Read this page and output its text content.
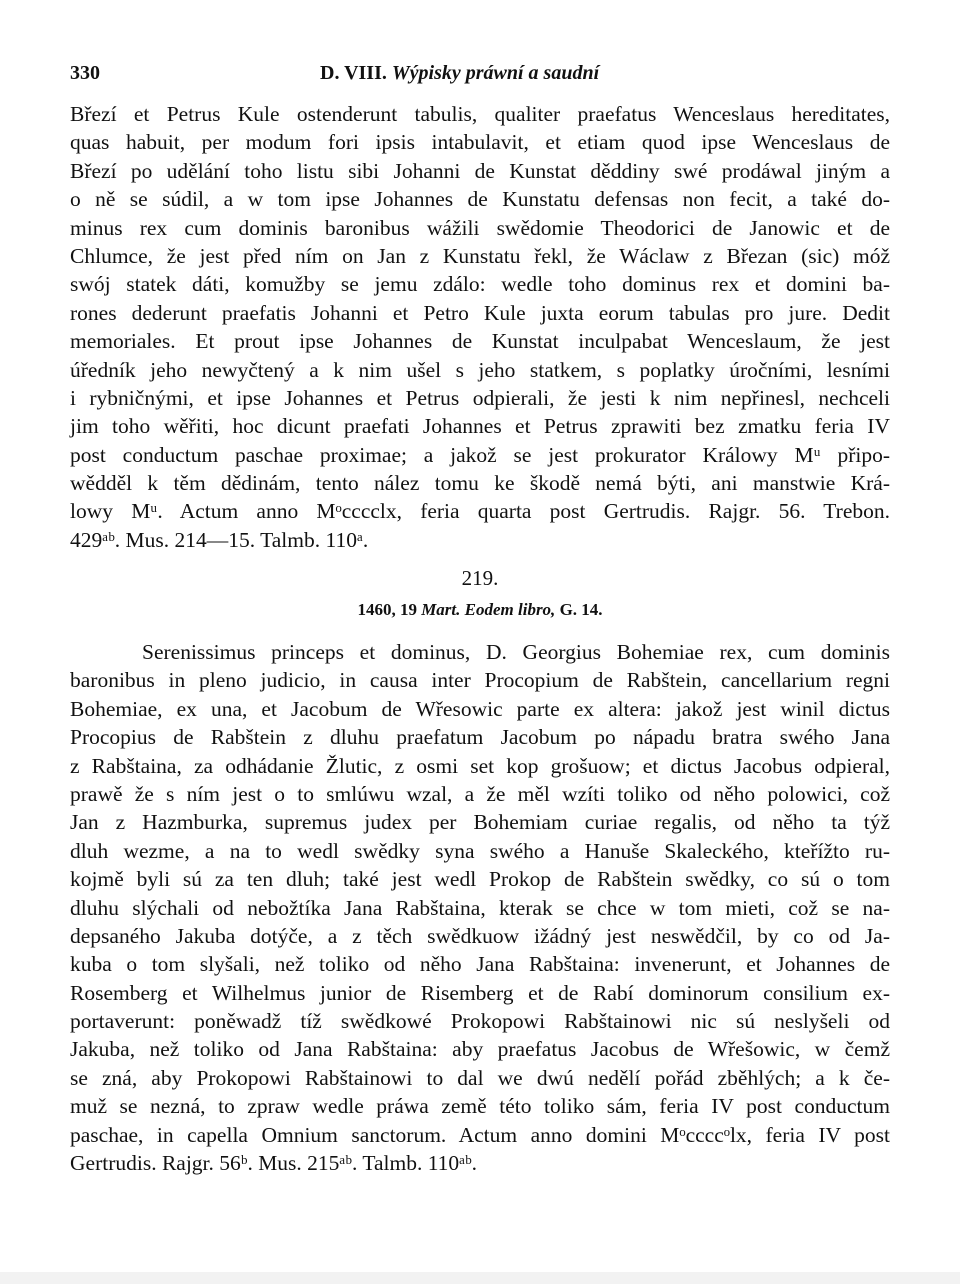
330	D. VIII. Wýpisky práwní a saudní
Březí et Petrus Kule ostenderunt tabulis, qualiter praefatus Wenceslaus hereditates,
quas habuit, per modum fori ipsis intabulavit, et etiam quod ipse Wenceslaus de
Březí po udělání toho listu sibi Johanni de Kunstat děddiny swé prodáwal jiným a
o ně se súdil, a w tom ipse Johannes de Kunstatu defensas non fecit, a také do-
minus rex cum dominis baronibus wážili swědomie Theodorici de Janowic et de
Chlumce, že jest před ním on Jan z Kunstatu řekl, že Wáclaw z Březan (sic) móž
swój statek dáti, komužby se jemu zdálo: wedle toho dominus rex et domini ba-
rones dederunt praefatis Johanni et Petro Kule juxta eorum tabulas pro jure. Dedit
memoriales. Et prout ipse Johannes de Kunstat inculpabat Wenceslaum, že jest
úředník jeho newyčtený a k nim ušel s jeho statkem, s poplatky úročními, lesními
i rybničnými, et ipse Johannes et Petrus odpierali, že jesti k nim nepřinesl, nechceli
jim toho wěřiti, hoc dicunt praefati Johannes et Petrus zprawiti bez zmatku feria IV
post conductum paschae proximae; a jakož se jest prokurator Králowy Mᵘ připo-
wědděl k těm dědinám, tento nález tomu ke škodě nemá býti, ani manstwie Krá-
lowy Mᵘ. Actum anno Mᵒcccclx, feria quarta post Gertrudis. Rajgr. 56. Trebon.
429ᵃᵇ. Mus. 214—15. Talmb. 110ᵃ.
219.
1460, 19 Mart. Eodem libro, G. 14.
Serenissimus princeps et dominus, D. Georgius Bohemiae rex, cum dominis
baronibus in pleno judicio, in causa inter Procopium de Rabštein, cancellarium regni
Bohemiae, ex una, et Jacobum de Wřesowic parte ex altera: jakož jest winil dictus
Procopius de Rabštein z dluhu praefatum Jacobum po nápadu bratra swého Jana
z Rabštaina, za odhádanie Žlutic, z osmi set kop grošuow; et dictus Jacobus odpieral,
prawě že s ním jest o to smlúwu wzal, a že měl wzíti toliko od něho polowici, což
Jan z Hazmburka, supremus judex per Bohemiam curiae regalis, od něho ta týž
dluh wezme, a na to wedl swědky syna swého a Hanuše Skaleckého, kteřížto ru-
kojmě byli sú za ten dluh; také jest wedl Prokop de Rabštein swědky, co sú o tom
dluhu slýchali od nebožtíka Jana Rabštaina, kterak se chce w tom mieti, což se na-
depsaného Jakuba dotýče, a z těch swědkuow ižádný jest neswědčil, by co od Ja-
kuba o tom slyšali, než toliko od něho Jana Rabštaina: invenerunt, et Johannes de
Rosemberg et Wilhelmus junior de Risemberg et de Rabí dominorum consilium ex-
portaverunt: poněwadž tíž swědkowé Prokopowi Rabštainowi nic sú neslyšeli od
Jakuba, než toliko od Jana Rabštaina: aby praefatus Jacobus de Wřešowic, w čemž
se zná, aby Prokopowi Rabštainowi to dal we dwú nedělí pořád zběhlých; a k če-
muž se nezná, to zpraw wedle práwa země této toliko sám, feria IV post conductum
paschae, in capella Omnium sanctorum. Actum anno domini Mᵒccccᵒlx, feria IV post
Gertrudis. Rajgr. 56ᵇ. Mus. 215ᵃᵇ. Talmb. 110ᵃᵇ.
